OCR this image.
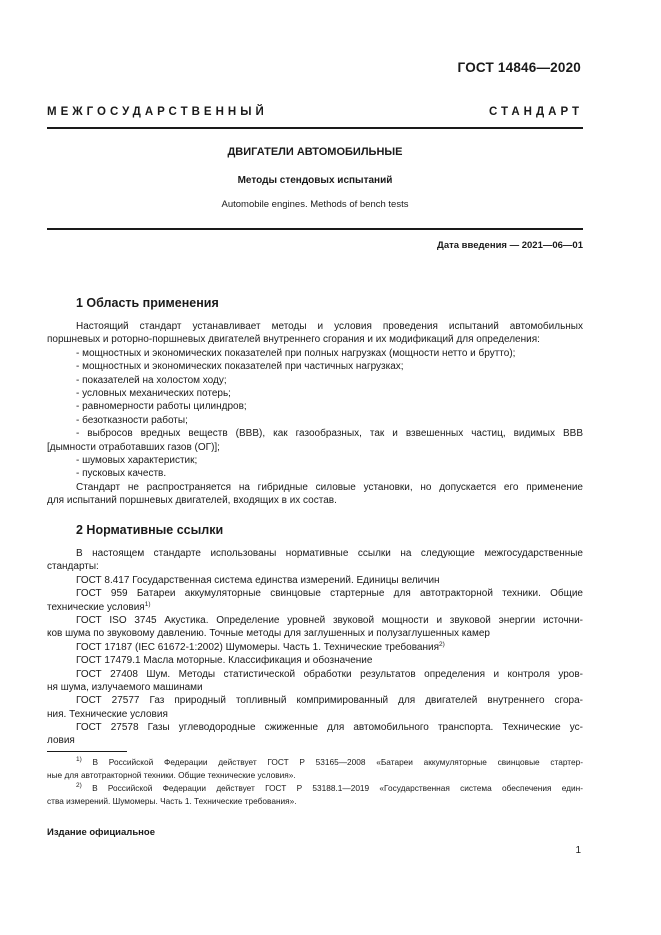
ГОСТ 14846—2020
МЕЖГОСУДАРСТВЕННЫЙ СТАНДАРТ
ДВИГАТЕЛИ АВТОМОБИЛЬНЫЕ
Методы стендовых испытаний
Automobile engines. Methods of bench tests
Дата введения — 2021—06—01
1 Область применения
Настоящий стандарт устанавливает методы и условия проведения испытаний автомобильных
поршневых и роторно-поршневых двигателей внутреннего сгорания и их модификаций для определения:
- мощностных и экономических показателей при полных нагрузках (мощности нетто и брутто);
- мощностных и экономических показателей при частичных нагрузках;
- показателей на холостом ходу;
- условных механических потерь;
- равномерности работы цилиндров;
- безотказности работы;
- выбросов вредных веществ (ВВВ), как газообразных, так и взвешенных частиц, видимых ВВВ
[дымности отработавших газов (ОГ)];
- шумовых характеристик;
- пусковых качеств.
Стандарт не распространяется на гибридные силовые установки, но допускается его применение
для испытаний поршневых двигателей, входящих в их состав.
2 Нормативные ссылки
В настоящем стандарте использованы нормативные ссылки на следующие межгосударственные
стандарты:
ГОСТ 8.417 Государственная система единства измерений. Единицы величин
ГОСТ 959 Батареи аккумуляторные свинцовые стартерные для автотракторной техники. Общие
технические условия$^{1)}$
ГОСТ ISO 3745 Акустика. Определение уровней звуковой мощности и звуковой энергии источни-
ков шума по звуковому давлению. Точные методы для заглушенных и полузаглушенных камер
ГОСТ 17187 (IEC 61672-1:2002) Шумомеры. Часть 1. Технические требования$^{2)}$
ГОСТ 17479.1 Масла моторные. Классификация и обозначение
ГОСТ 27408 Шум. Методы статистической обработки результатов определения и контроля уров-
ня шума, излучаемого машинами
ГОСТ 27577 Газ природный топливный компримированный для двигателей внутреннего сгора-
ния. Технические условия
ГОСТ 27578 Газы углеводородные сжиженные для автомобильного транспорта. Технические ус-
ловия
$^{1)}$ В Российской Федерации действует ГОСТ Р 53165—2008 «Батареи аккумуляторные свинцовые стартер-
ные для автотракторной техники. Общие технические условия».
$^{2)}$ В Российской Федерации действует ГОСТ Р 53188.1—2019 «Государственная система обеспечения един-
ства измерений. Шумомеры. Часть 1. Технические требования».
Издание официальное
1
